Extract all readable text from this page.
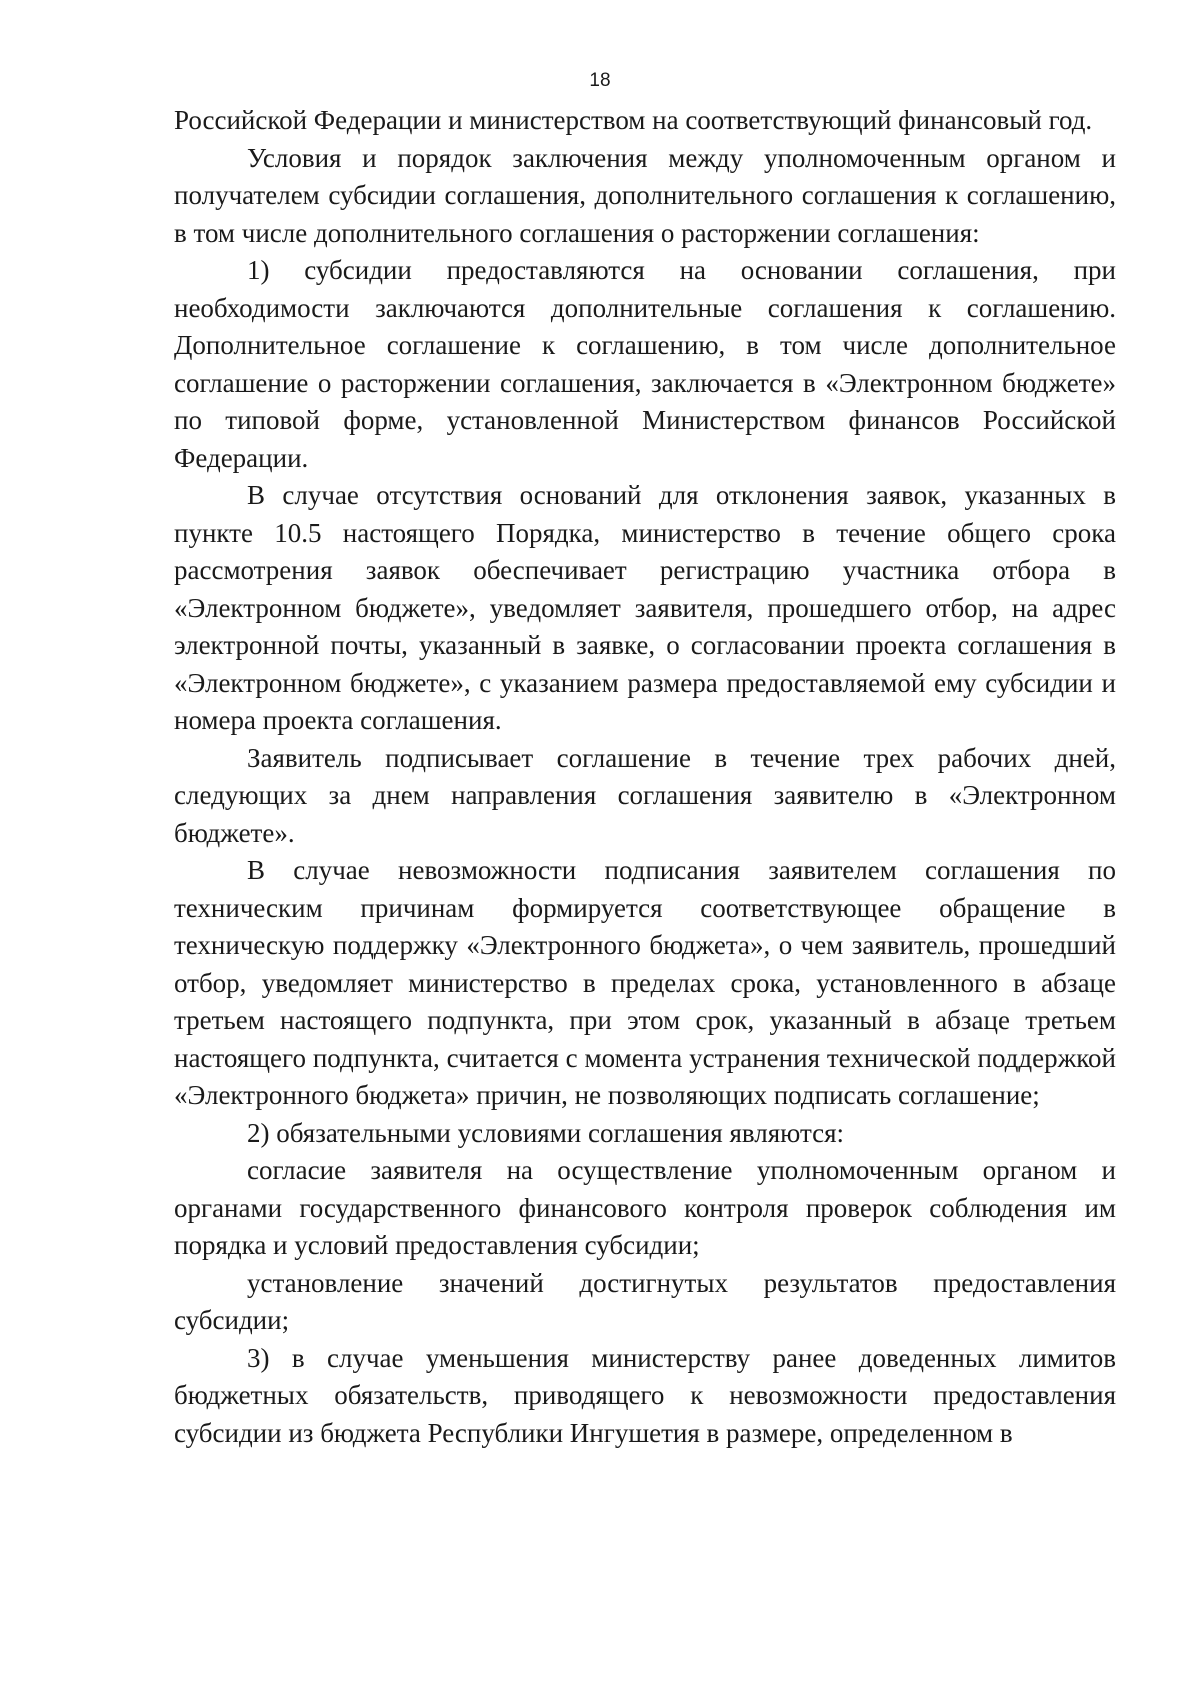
18

Российской Федерации и министерством на соответствующий финансовый год.

Условия и порядок заключения между уполномоченным органом и получателем субсидии соглашения, дополнительного соглашения к соглашению, в том числе дополнительного соглашения о расторжении соглашения:

1) субсидии предоставляются на основании соглашения, при необходимости заключаются дополнительные соглашения к соглашению. Дополнительное соглашение к соглашению, в том числе дополнительное соглашение о расторжении соглашения, заключается в «Электронном бюджете» по типовой форме, установленной Министерством финансов Российской Федерации.

В случае отсутствия оснований для отклонения заявок, указанных в пункте 10.5 настоящего Порядка, министерство в течение общего срока рассмотрения заявок обеспечивает регистрацию участника отбора в «Электронном бюджете», уведомляет заявителя, прошедшего отбор, на адрес электронной почты, указанный в заявке, о согласовании проекта соглашения в «Электронном бюджете», с указанием размера предоставляемой ему субсидии и номера проекта соглашения.

Заявитель подписывает соглашение в течение трех рабочих дней, следующих за днем направления соглашения заявителю в «Электронном бюджете».

В случае невозможности подписания заявителем соглашения по техническим причинам формируется соответствующее обращение в техническую поддержку «Электронного бюджета», о чем заявитель, прошедший отбор, уведомляет министерство в пределах срока, установленного в абзаце третьем настоящего подпункта, при этом срок, указанный в абзаце третьем настоящего подпункта, считается с момента устранения технической поддержкой «Электронного бюджета» причин, не позволяющих подписать соглашение;

2) обязательными условиями соглашения являются:

согласие заявителя на осуществление уполномоченным органом и органами государственного финансового контроля проверок соблюдения им порядка и условий предоставления субсидии;

установление значений достигнутых результатов предоставления субсидии;

3) в случае уменьшения министерству ранее доведенных лимитов бюджетных обязательств, приводящего к невозможности предоставления субсидии из бюджета Республики Ингушетия в размере, определенном в
